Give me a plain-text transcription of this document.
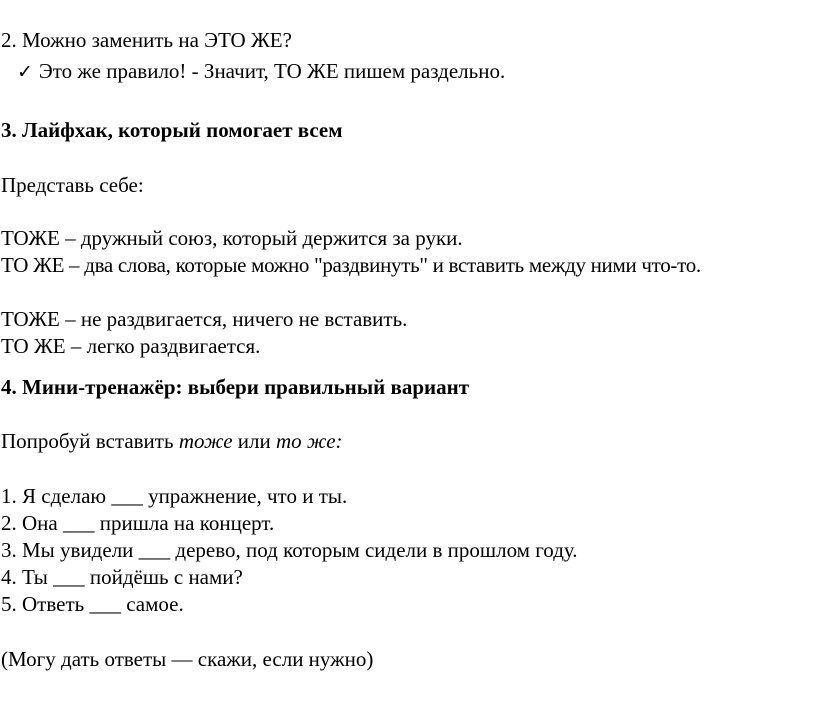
2. Можно заменить на ЭТО ЖЕ?
✓ Это же правило! - Значит, ТО ЖЕ пишем раздельно.
3. Лайфхак, который помогает всем
Представь себе:
ТОЖЕ – дружный союз, который держится за руки.
ТО ЖЕ – два слова, которые можно "раздвинуть" и вставить между ними что-то.
ТОЖЕ – не раздвигается, ничего не вставить.
ТО ЖЕ – легко раздвигается.
4. Мини-тренажёр: выбери правильный вариант
Попробуй вставить тоже или то же:
1. Я сделаю ___ упражнение, что и ты.
2. Она ___ пришла на концерт.
3. Мы увидели ___ дерево, под которым сидели в прошлом году.
4. Ты ___ пойдёшь с нами?
5. Ответь ___ самое.
(Могу дать ответы — скажи, если нужно)
